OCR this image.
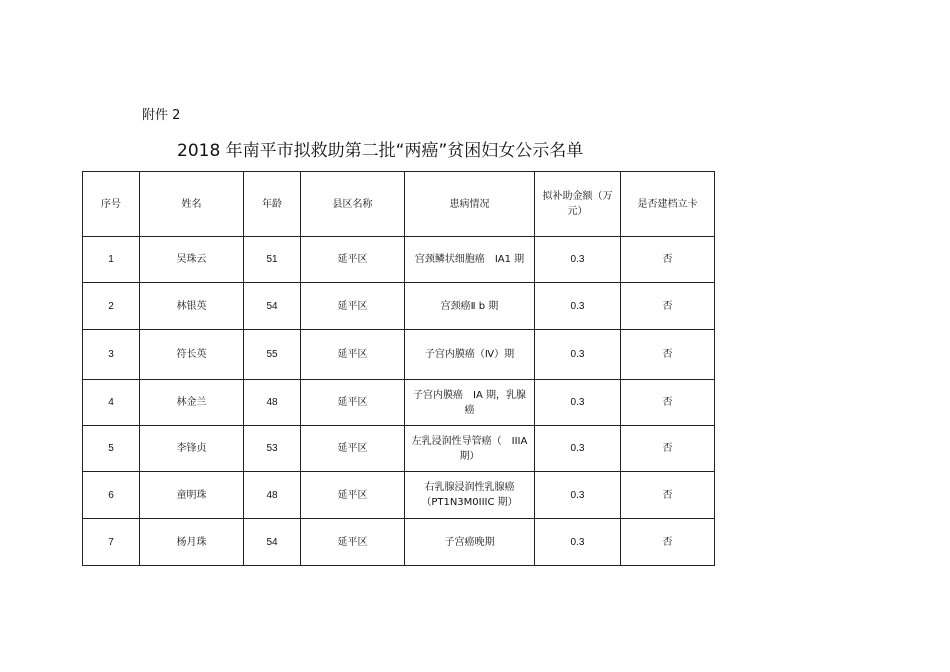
附件 2
2018 年南平市拟救助第二批“两癌”贫困妇女公示名单
序号	姓名	年龄	县区名称	患病情况	拟补助金额（万元）	是否建档立卡
1	吴珠云	51	延平区	宫颈鳞状细胞癌　IA1 期	0.3	否
2	林银英	54	延平区	宫颈癌Ⅱ b 期	0.3	否
3	符长英	55	延平区	子宫内膜癌（Ⅳ）期	0.3	否
4	林金兰	48	延平区	子宫内膜癌　IA 期，乳腺癌	0.3	否
5	李锋贞	53	延平区	左乳浸润性导管癌（　IIIA 期）	0.3	否
6	童明珠	48	延平区	右乳腺浸润性乳腺癌（PT1N3M0IIIC 期）	0.3	否
7	杨月珠	54	延平区	子宫癌晚期	0.3	否
